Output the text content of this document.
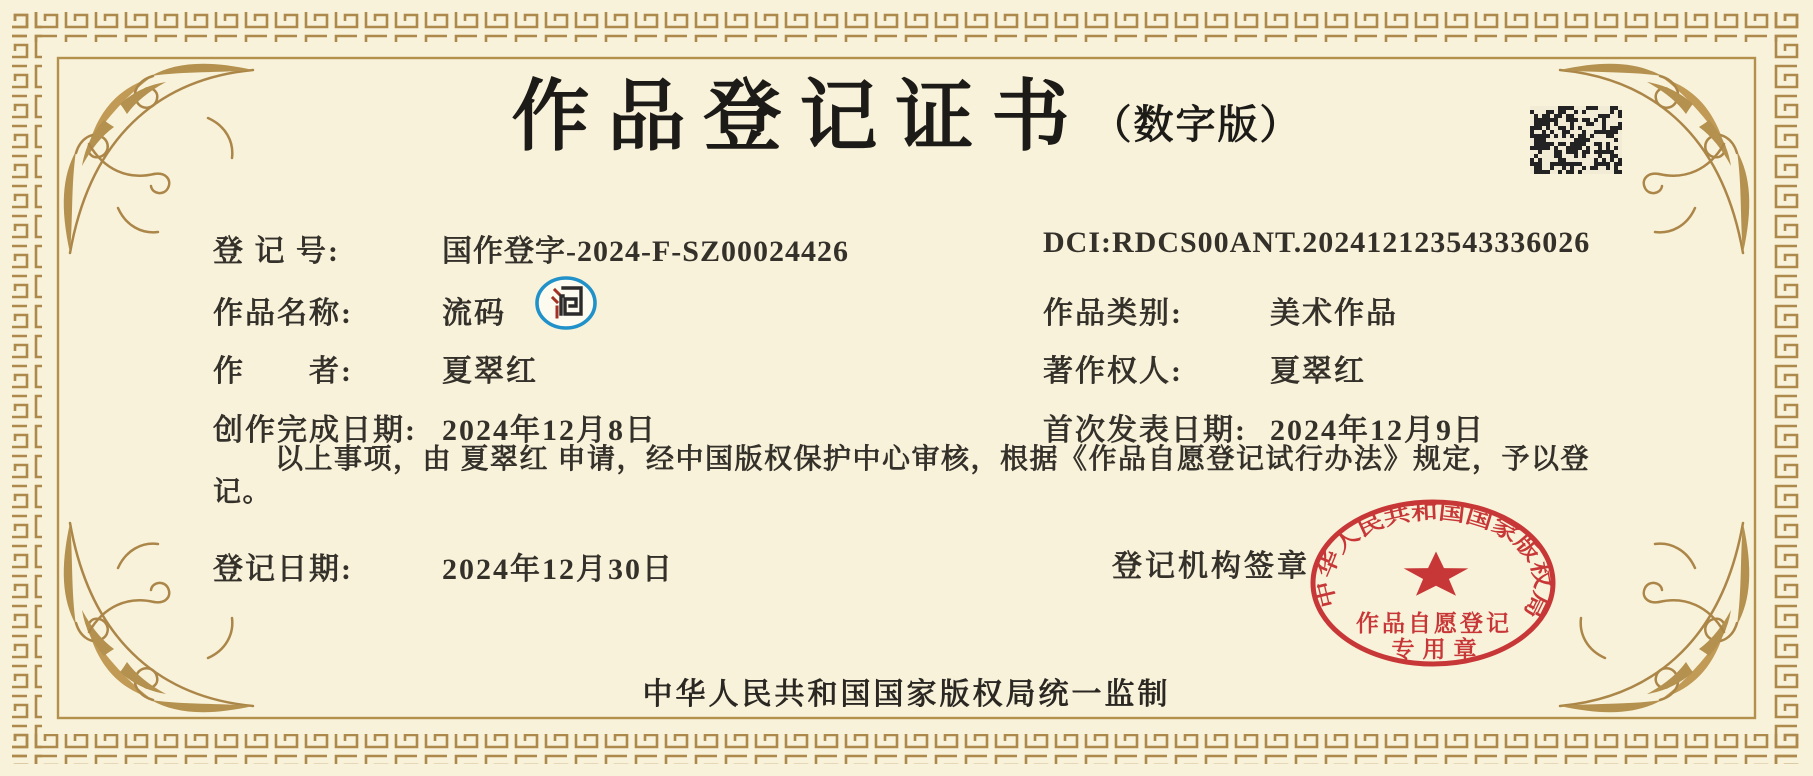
作品登记证书 （数字版）
登 记 号:	国作登字-2024-F-SZ00024426	DCI:RDCS00ANT.202412123543336026
作品名称:	流码	作品类别:	美术作品
作　　者:	夏翠红	著作权人:	夏翠红
创作完成日期: 2024年12月8日	首次发表日期: 2024年12月9日
以上事项，由 夏翠红 申请，经中国版权保护中心审核，根据《作品自愿登记试行办法》规定，予以登记。
登记日期:	2024年12月30日	登记机构签章
中华人民共和国国家版权局
作品自愿登记
专用章
中华人民共和国国家版权局统一监制
